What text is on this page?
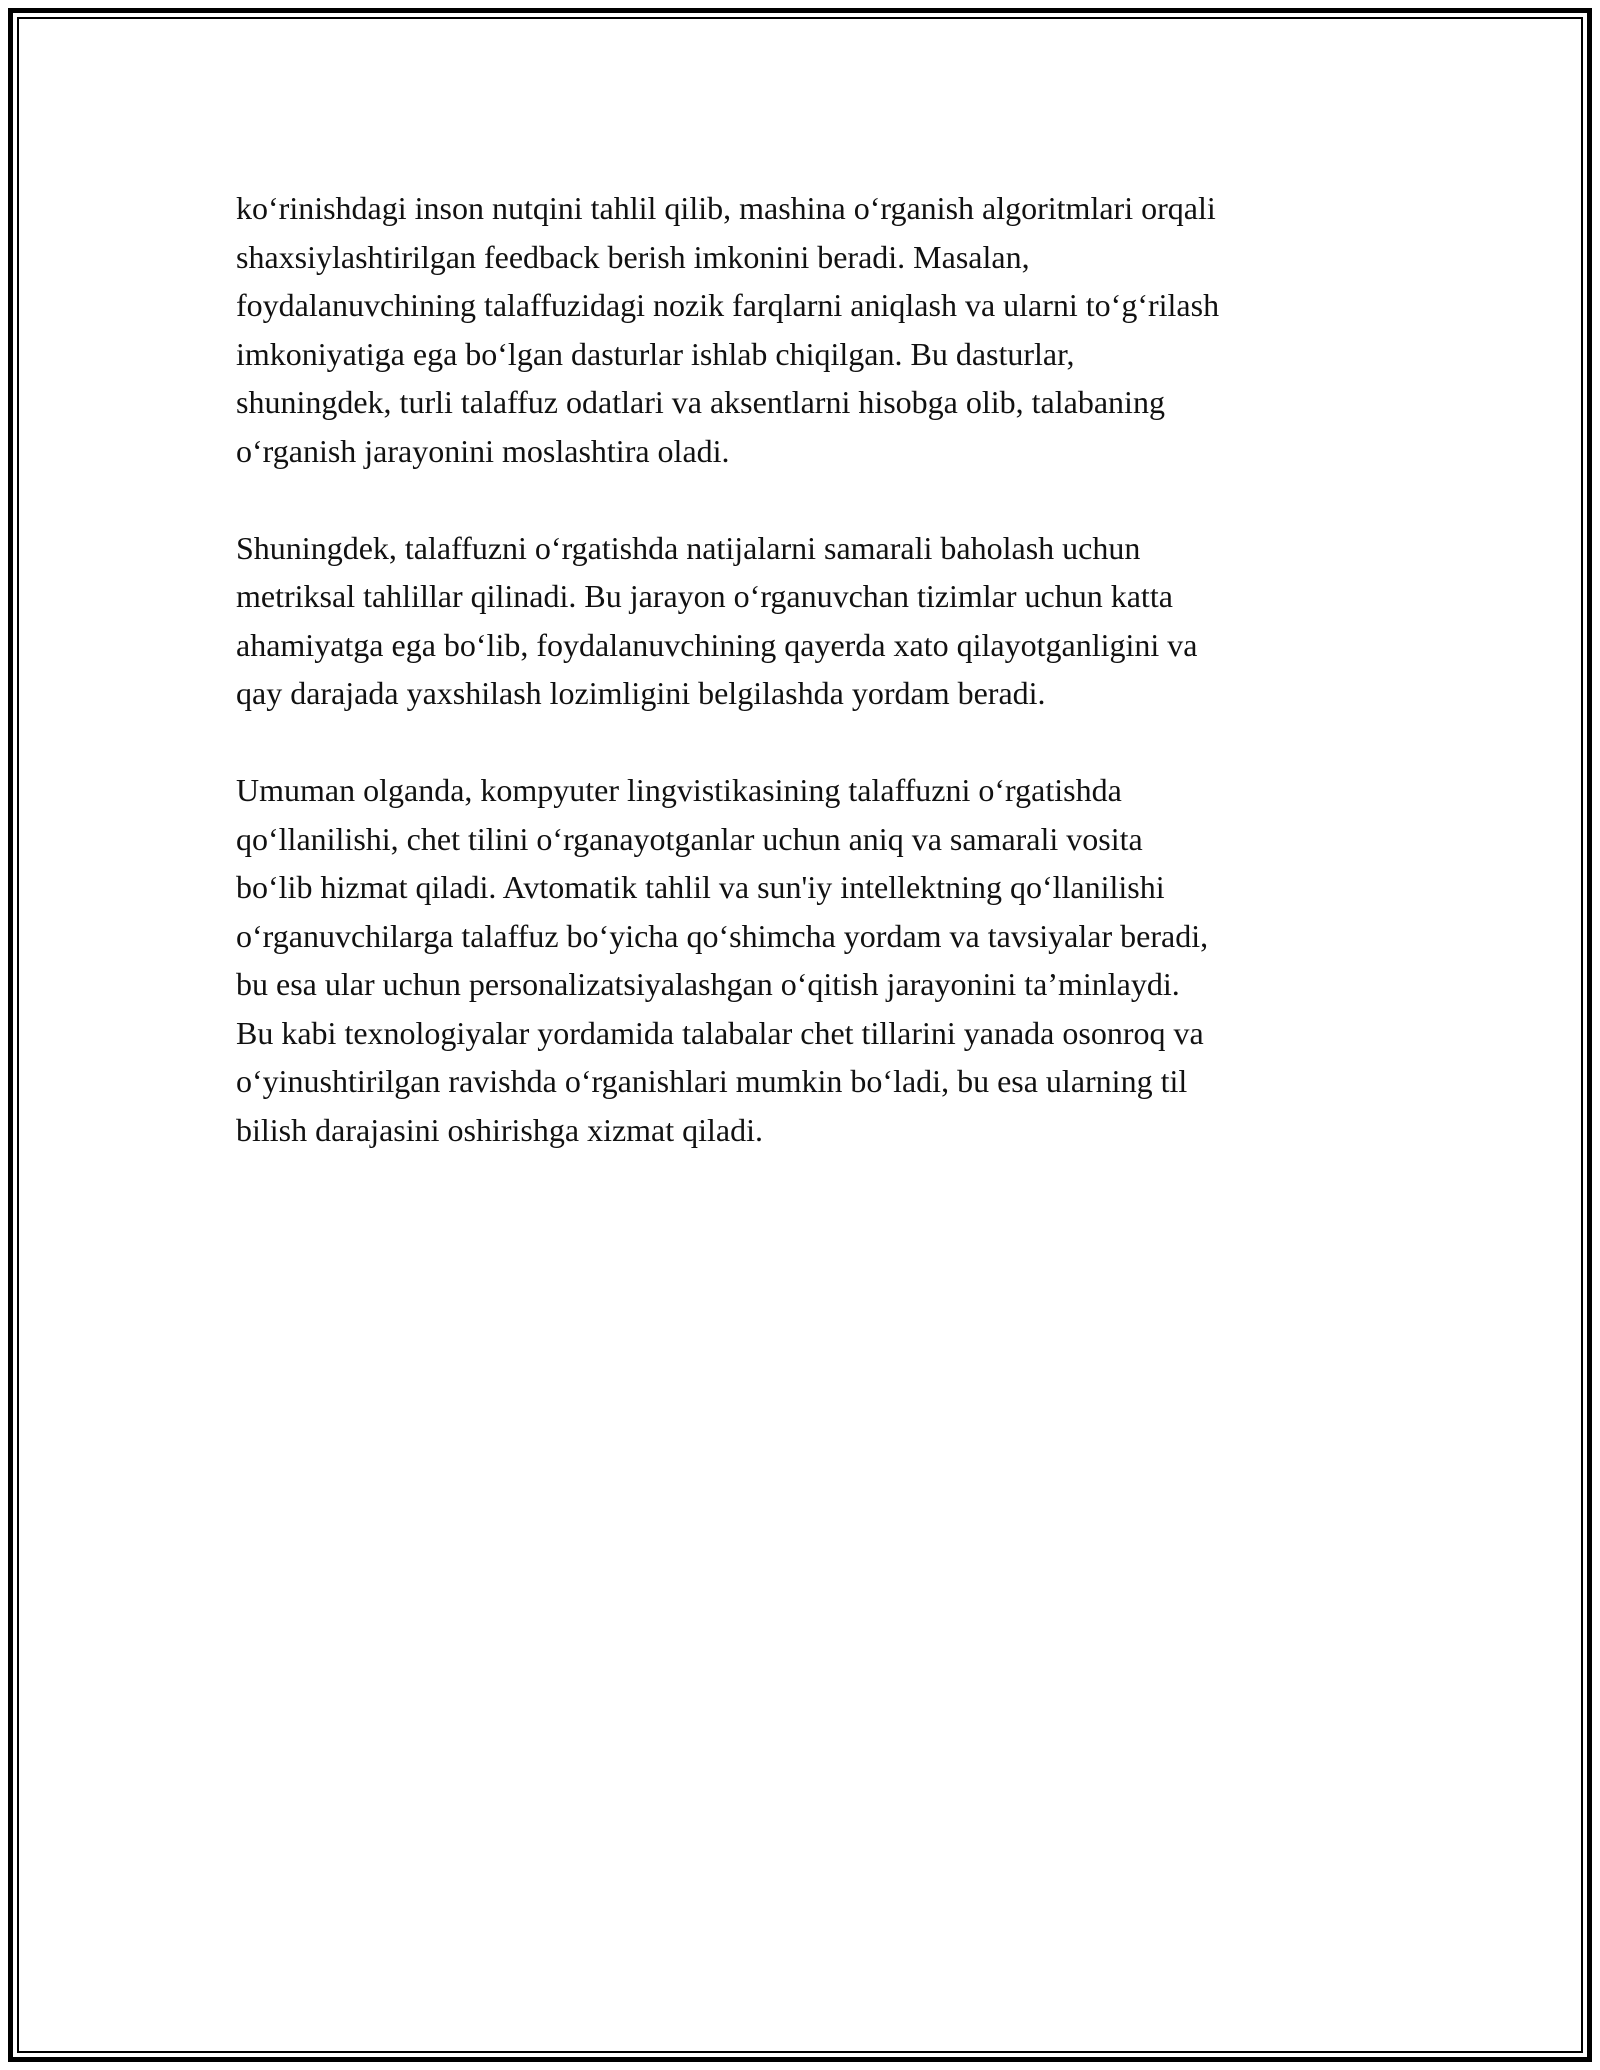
ko‘rinishdagi inson nutqini tahlil qilib, mashina o‘rganish algoritmlari orqali
shaxsiylashtirilgan feedback berish imkonini beradi. Masalan,
foydalanuvchining talaffuzidagi nozik farqlarni aniqlash va ularni to‘g‘rilash
imkoniyatiga ega bo‘lgan dasturlar ishlab chiqilgan. Bu dasturlar,
shuningdek, turli talaffuz odatlari va aksentlarni hisobga olib, talabaning
o‘rganish jarayonini moslashtira oladi.

Shuningdek, talaffuzni o‘rgatishda natijalarni samarali baholash uchun
metriksal tahlillar qilinadi. Bu jarayon o‘rganuvchan tizimlar uchun katta
ahamiyatga ega bo‘lib, foydalanuvchining qayerda xato qilayotganligini va
qay darajada yaxshilash lozimligini belgilashda yordam beradi.

Umuman olganda, kompyuter lingvistikasining talaffuzni o‘rgatishda
qo‘llanilishi, chet tilini o‘rganayotganlar uchun aniq va samarali vosita
bo‘lib hizmat qiladi. Avtomatik tahlil va sun'iy intellektning qo‘llanilishi
o‘rganuvchilarga talaffuz bo‘yicha qo‘shimcha yordam va tavsiyalar beradi,
bu esa ular uchun personalizatsiyalashgan o‘qitish jarayonini ta’minlaydi.
Bu kabi texnologiyalar yordamida talabalar chet tillarini yanada osonroq va
o‘yinushtirilgan ravishda o‘rganishlari mumkin bo‘ladi, bu esa ularning til
bilish darajasini oshirishga xizmat qiladi.
